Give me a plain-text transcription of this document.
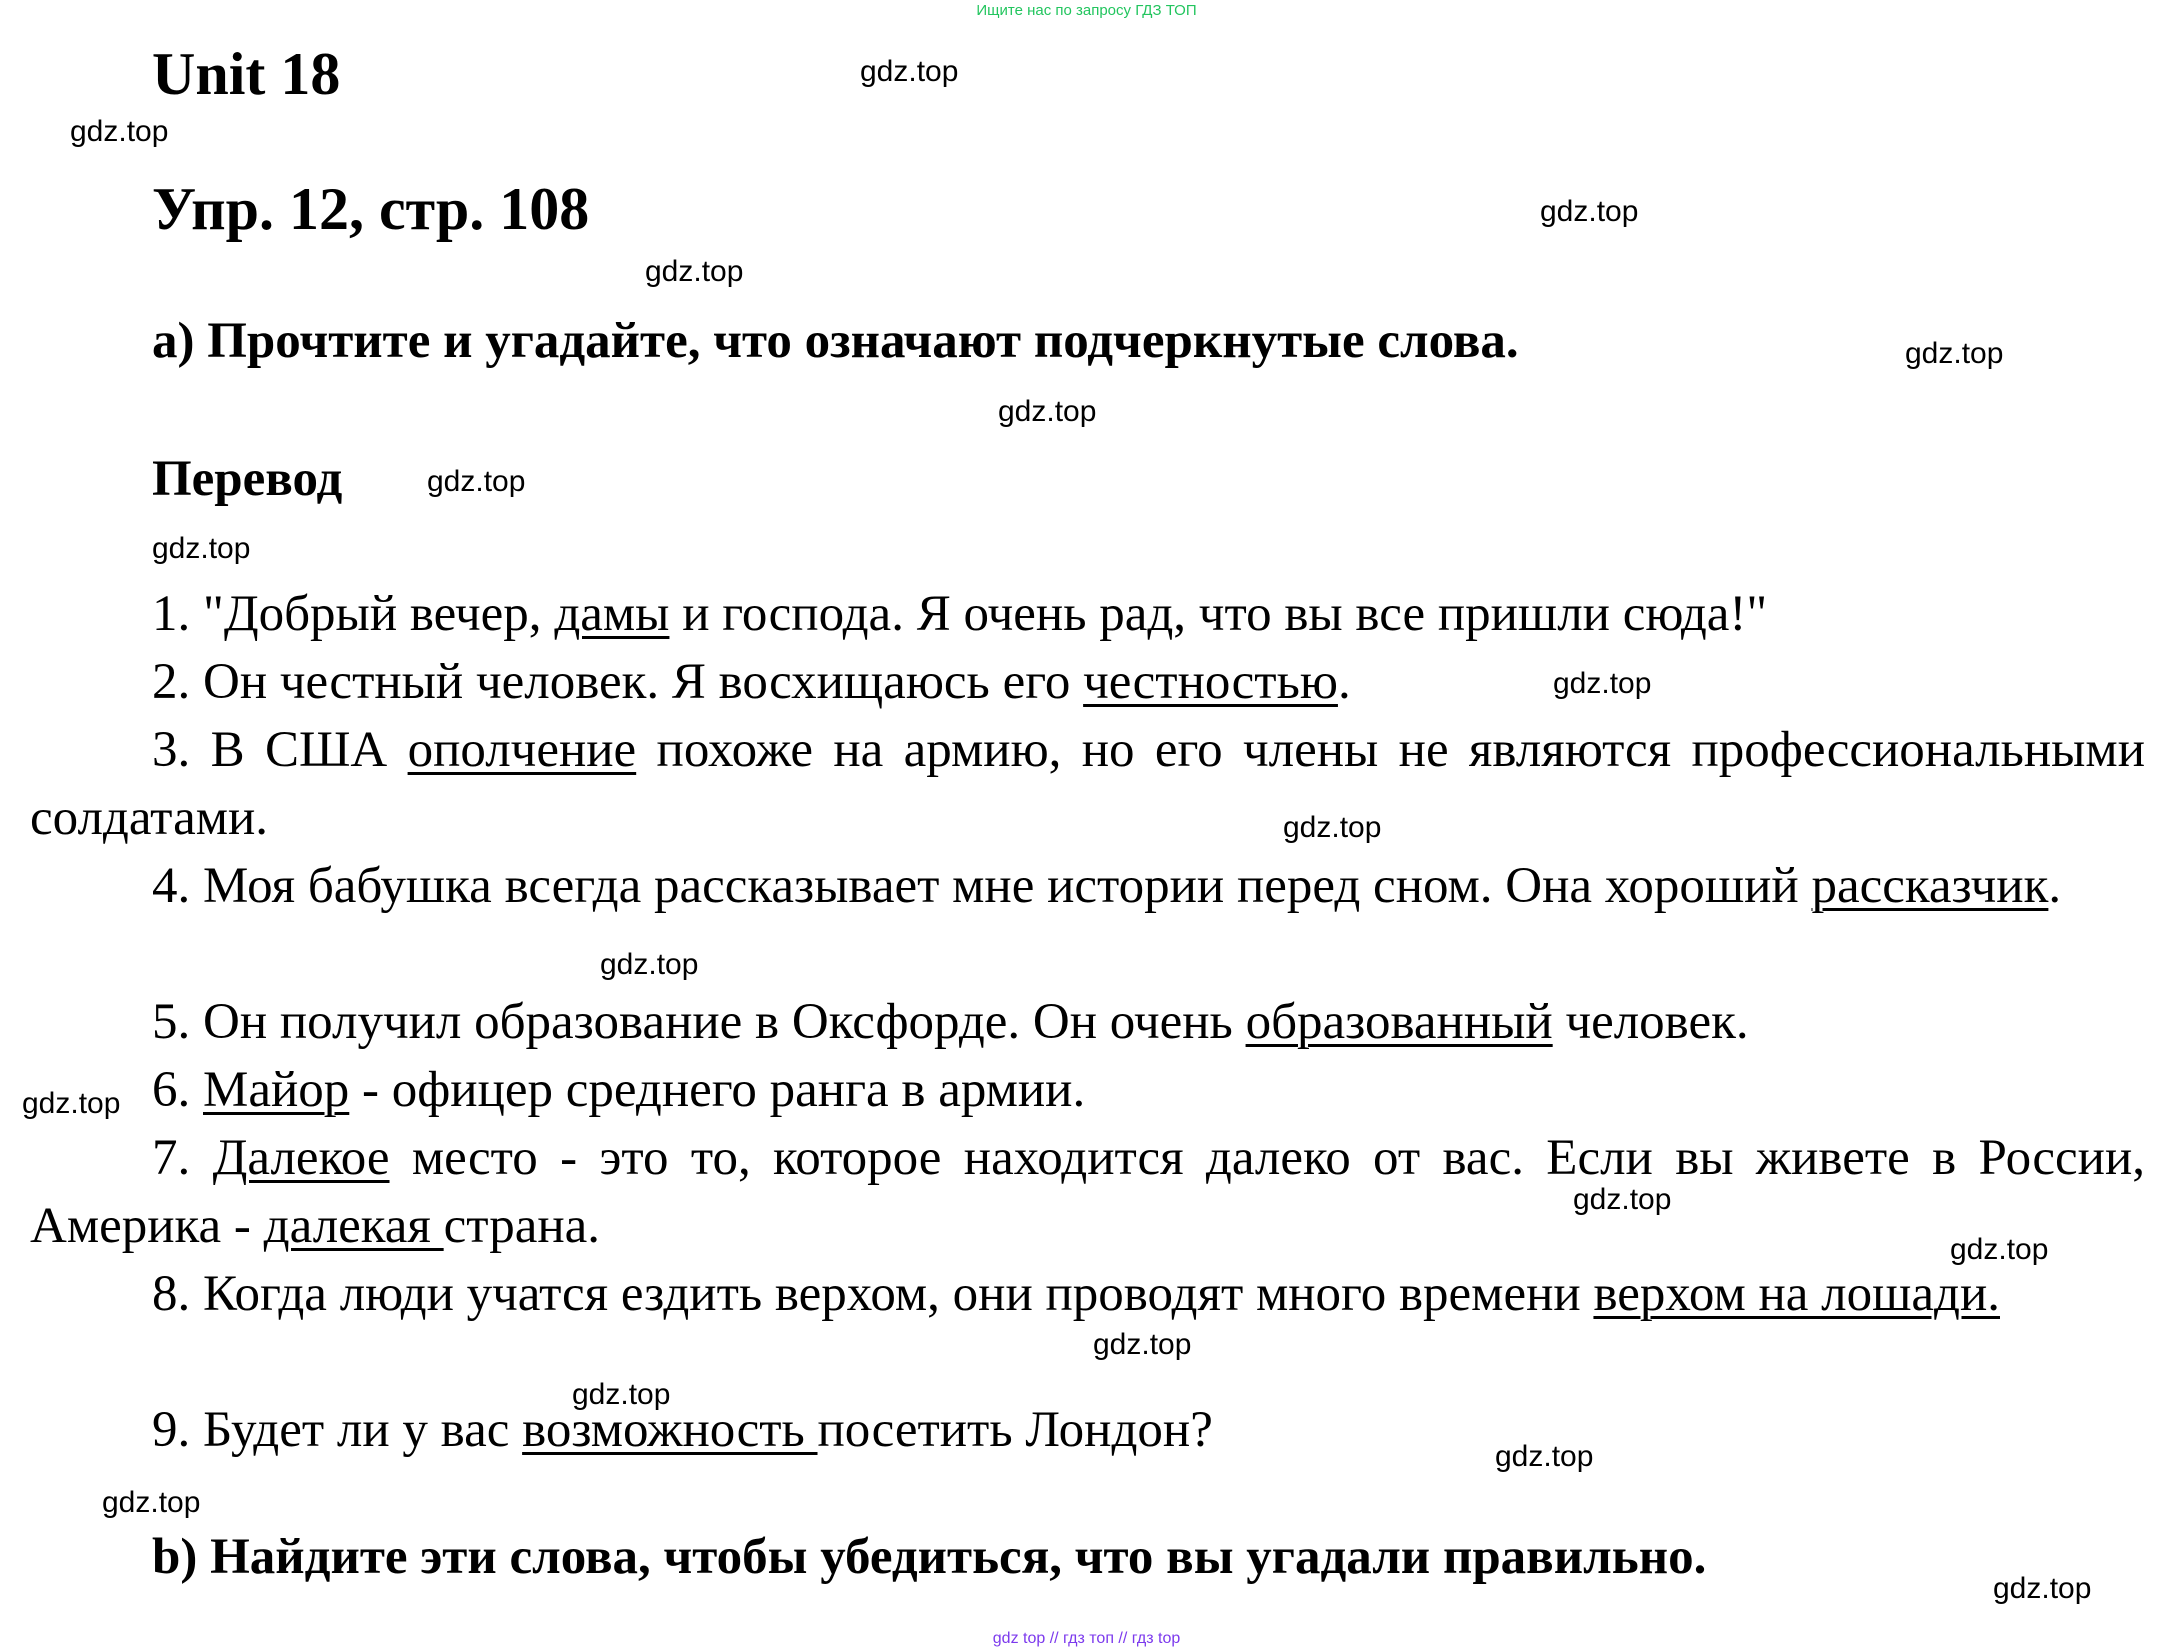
Ищите нас по запросу ГДЗ ТОП
Unit 18
Упр. 12, стр. 108
a) Прочтите и угадайте, что означают подчеркнутые слова.
Перевод
1. "Добрый вечер, дамы и господа. Я очень рад, что вы все пришли сюда!"
2. Он честный человек. Я восхищаюсь его честностью.
3. В США ополчение похоже на армию, но его члены не являются профессиональными солдатами.
4. Моя бабушка всегда рассказывает мне истории перед сном. Она хороший рассказчик.
5. Он получил образование в Оксфорде. Он очень образованный человек.
6. Майор - офицер среднего ранга в армии.
7. Далекое место - это то, которое находится далеко от вас. Если вы живете в России, Америка - далекая страна.
8. Когда люди учатся ездить верхом, они проводят много времени верхом на лошади.
9. Будет ли у вас возможность посетить Лондон?
b) Найдите эти слова, чтобы убедиться, что вы угадали правильно.
gdz.top
gdz.top
gdz.top
gdz.top
gdz.top
gdz.top
gdz.top
gdz.top
gdz.top
gdz.top
gdz.top
gdz.top
gdz.top
gdz.top
gdz.top
gdz.top
gdz.top
gdz.top
gdz.top
gdz top // гдз топ // гдз top
